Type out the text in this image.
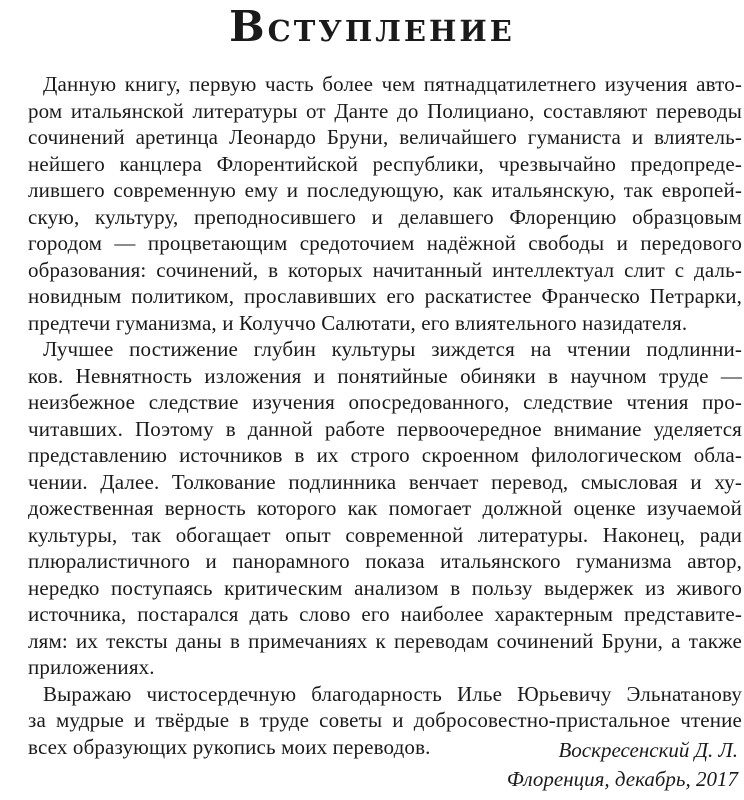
Вступление
Данную книгу, первую часть более чем пятнадцатилетнего изучения авто-
ром итальянской литературы от Данте до Полициано, составляют переводы
сочинений аретинца Леонардо Бруни, величайшего гуманиста и влиятель-
нейшего канцлера Флорентийской республики, чрезвычайно предопреде-
лившего современную ему и последующую, как итальянскую, так европей-
скую, культуру, преподносившего и делавшего Флоренцию образцовым
городом — процветающим средоточием надёжной свободы и передового
образования: сочинений, в которых начитанный интеллектуал слит с даль-
новидным политиком, прославивших его раскатистее Франческо Петрарки,
предтечи гуманизма, и Колуччо Салютати, его влиятельного назидателя.
Лучшее постижение глубин культуры зиждется на чтении подлинни-
ков. Невнятность изложения и понятийные обиняки в научном труде —
неизбежное следствие изучения опосредованного, следствие чтения про-
читавших. Поэтому в данной работе первоочередное внимание уделяется
представлению источников в их строго скроенном филологическом обла-
чении. Далее. Толкование подлинника венчает перевод, смысловая и ху-
дожественная верность которого как помогает должной оценке изучаемой
культуры, так обогащает опыт современной литературы. Наконец, ради
плюралистичного и панорамного показа итальянского гуманизма автор,
нередко поступаясь критическим анализом в пользу выдержек из живого
источника, постарался дать слово его наиболее характерным представите-
лям: их тексты даны в примечаниях к переводам сочинений Бруни, а также
приложениях.
Выражаю чистосердечную благодарность Илье Юрьевичу Эльнатанову
за мудрые и твёрдые в труде советы и добросовестно-пристальное чтение
всех образующих рукопись моих переводов.	Воскресенский Д. Л.
Флоренция, декабрь, 2017
